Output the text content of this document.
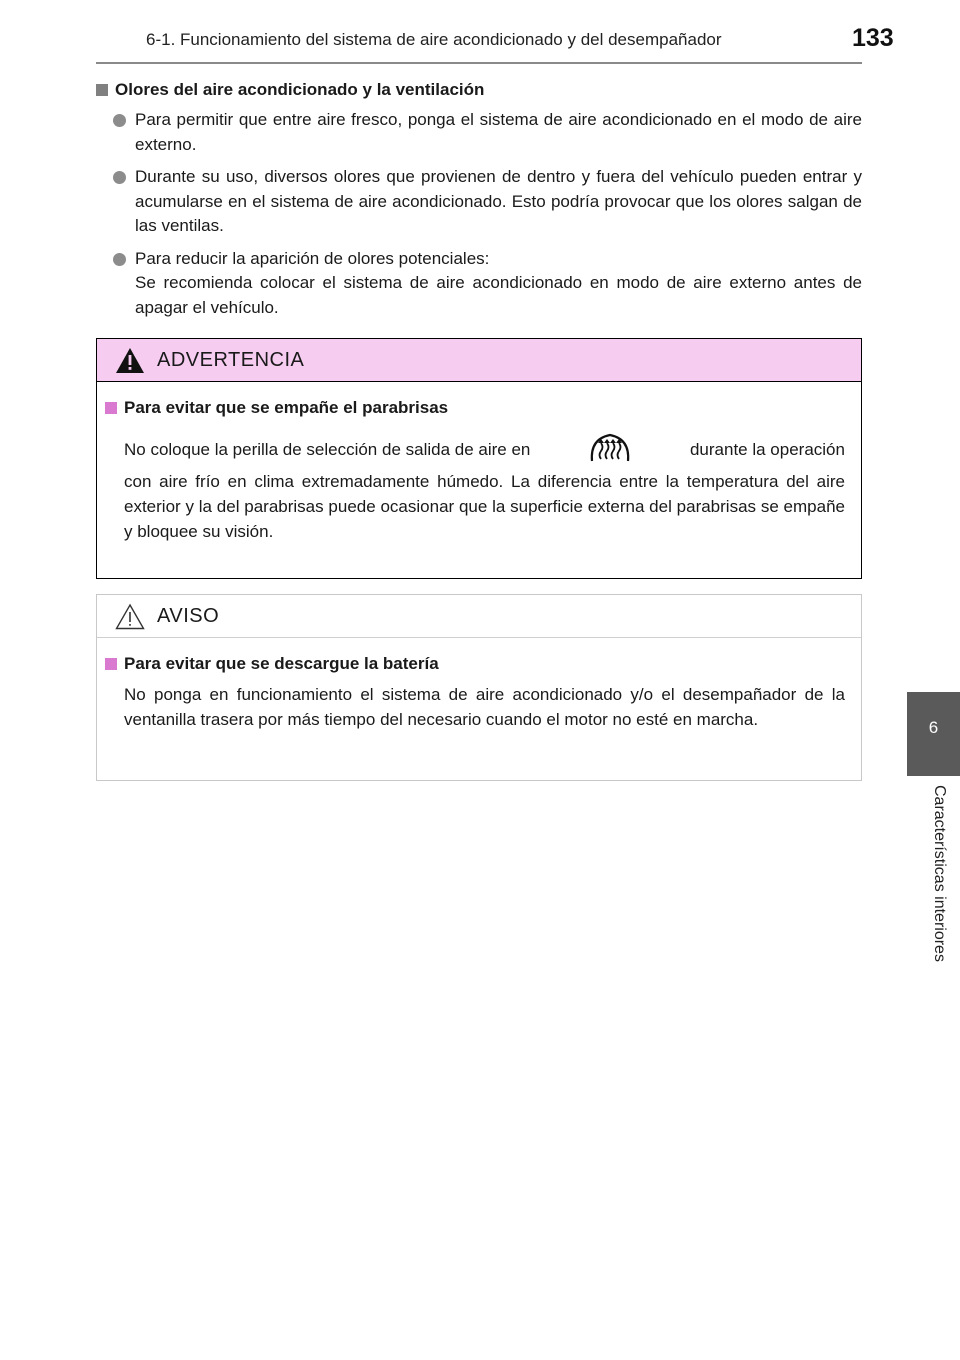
6-1. Funcionamiento del sistema de aire acondicionado y del desempañador	133
6
Características interiores
Olores del aire acondicionado y la ventilación
Para permitir que entre aire fresco, ponga el sistema de aire acondicionado en el modo de aire externo.
Durante su uso, diversos olores que provienen de dentro y fuera del vehículo pueden entrar y acumularse en el sistema de aire acondicionado. Esto podría provocar que los olores salgan de las ventilas.
Para reducir la aparición de olores potenciales:
Se recomienda colocar el sistema de aire acondicionado en modo de aire externo antes de apagar el vehículo.
ADVERTENCIA
Para evitar que se empañe el parabrisas
No coloque la perilla de selección de salida de aire en	durante la operación
con aire frío en clima extremadamente húmedo. La diferencia entre la temperatura del aire exterior y la del parabrisas puede ocasionar que la superficie externa del parabrisas se empañe y bloquee su visión.
AVISO
Para evitar que se descargue la batería
No ponga en funcionamiento el sistema de aire acondicionado y/o el desempañador de la ventanilla trasera por más tiempo del necesario cuando el motor no esté en marcha.
